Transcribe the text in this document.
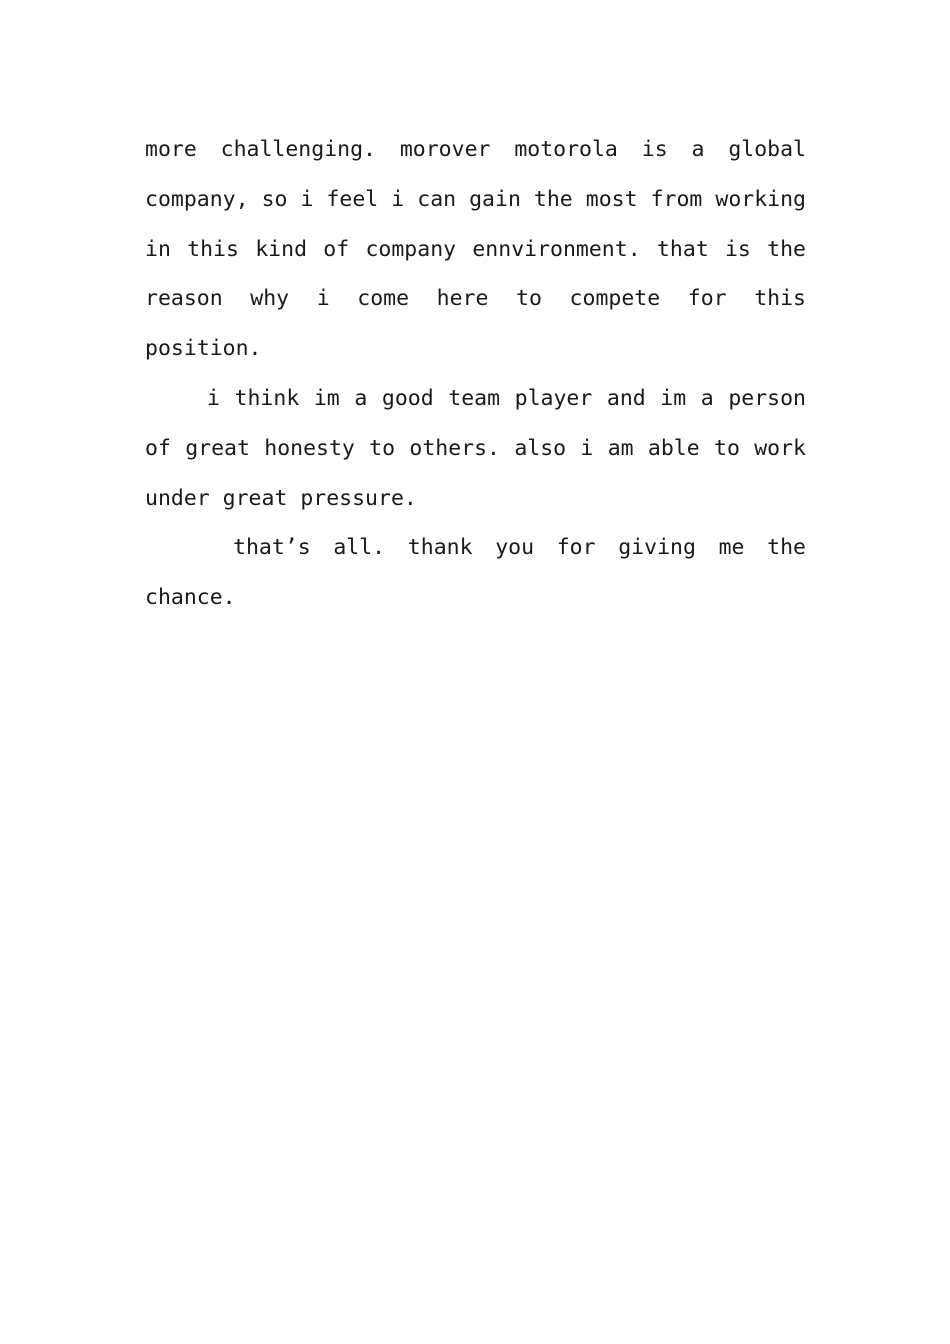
more challenging. morover motorola is a global company, so i feel i can gain the most from working in this kind of company ennvironment. that is the reason why i come here to compete for this position.

i think im a good team player and im a person of great honesty to others. also i am able to work under great pressure.

that’s all. thank you for giving me the chance.
